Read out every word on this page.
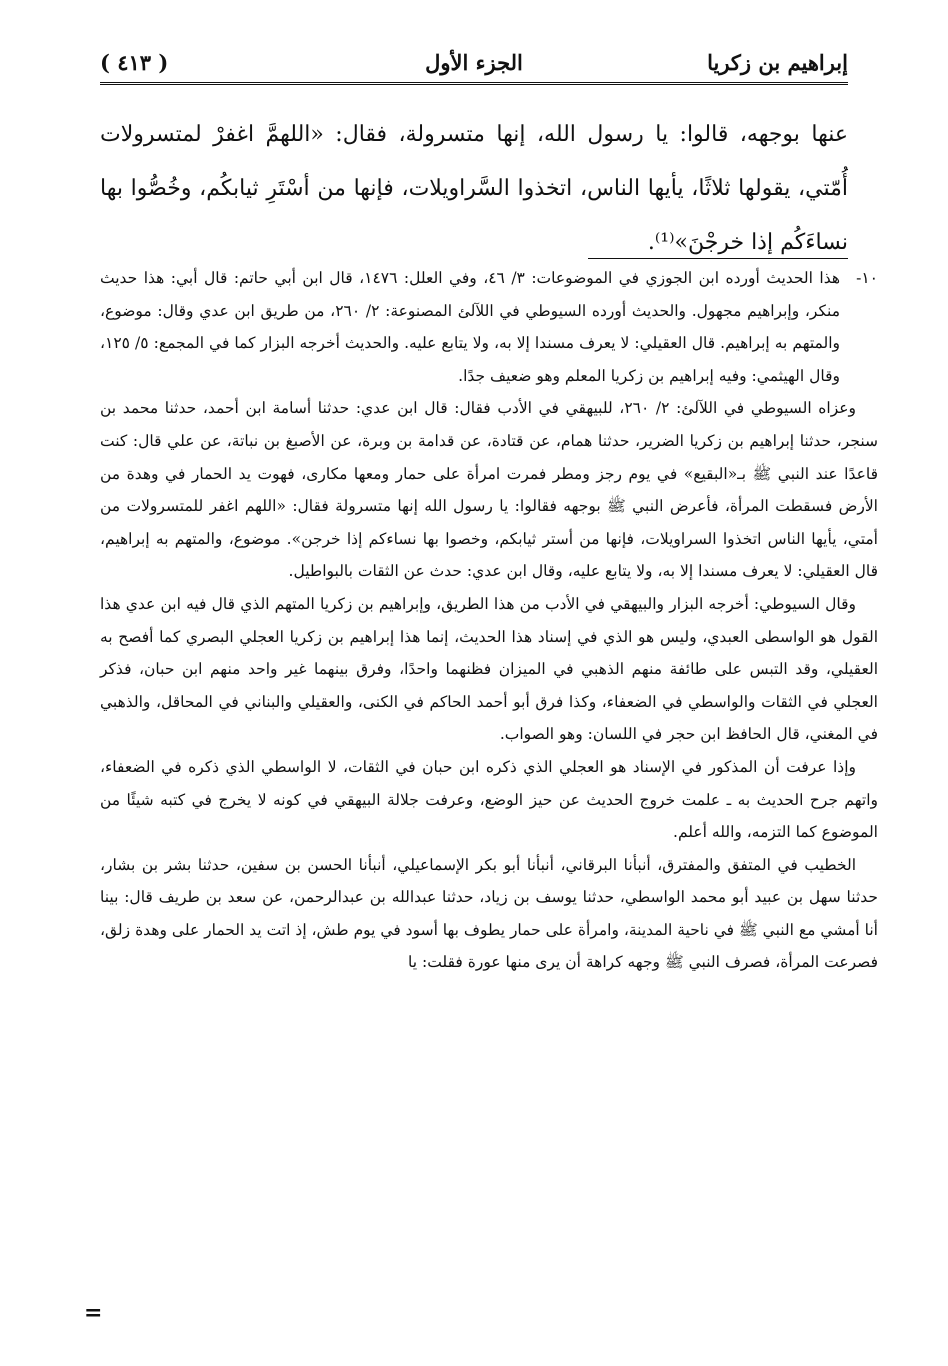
إبراهيم بن زكريا
الجزء الأول
( ٤١٣ )
عنها بوجهه، قالوا: يا رسول الله، إنها متسرولة، فقال: «اللهمَّ اغفرْ لمتسرولات أُمّتي، يقولها ثلاثًا، يأيها الناس، اتخذوا السَّراويلات، فإنها من أسْتَرِ ثيابكُم، وخُصُّوا بها نساءَكُم إذا خرجْنَ»⁽¹⁾.

١٠-
هذا الحديث أورده ابن الجوزي في الموضوعات: ٣/ ٤٦، وفي العلل: ١٤٧٦، قال ابن أبي حاتم: قال أبي: هذا حديث منكر، وإبراهيم مجهول. والحديث أورده السيوطي في اللآلئ المصنوعة: ٢/ ٢٦٠، من طريق ابن عدي وقال: موضوع، والمتهم به إبراهيم. قال العقيلي: لا يعرف مسندا إلا به، ولا يتابع عليه. والحديث أخرجه البزار كما في المجمع: ٥/ ١٢٥، وقال الهيثمي: وفيه إبراهيم بن زكريا المعلم وهو ضعيف جدًا.

وعزاه السيوطي في اللآلئ: ٢/ ٢٦٠، للبيهقي في الأدب فقال: قال ابن عدي: حدثنا أسامة ابن أحمد، حدثنا محمد بن سنجر، حدثنا إبراهيم بن زكريا الضرير، حدثنا همام، عن قتادة، عن قدامة بن وبرة، عن الأصبغ بن نباتة، عن علي قال: كنت قاعدًا عند النبي ﷺ بـ«البقيع» في يوم رجز ومطر فمرت امرأة على حمار ومعها مكارى، فهوت يد الحمار في وهدة من الأرض فسقطت المرأة، فأعرض النبي ﷺ بوجهه فقالوا: يا رسول الله إنها متسرولة فقال: «اللهم اغفر للمتسرولات من أمتي، يأيها الناس اتخذوا السراويلات، فإنها من أستر ثيابكم، وخصوا بها نساءكم إذا خرجن». موضوع، والمتهم به إبراهيم، قال العقيلي: لا يعرف مسندا إلا به، ولا يتابع عليه، وقال ابن عدي: حدث عن الثقات بالبواطيل.

وقال السيوطي: أخرجه البزار والبيهقي في الأدب من هذا الطريق، وإبراهيم بن زكريا المتهم الذي قال فيه ابن عدي هذا القول هو الواسطى العبدي، وليس هو الذي في إسناد هذا الحديث، إنما هذا إبراهيم بن زكريا العجلي البصري كما أفصح به العقيلي، وقد التبس على طائفة منهم الذهبي في الميزان فظنهما واحدًا، وفرق بينهما غير واحد منهم ابن حبان، فذكر العجلي في الثقات والواسطي في الضعفاء، وكذا فرق أبو أحمد الحاكم في الكنى، والعقيلي والبناني في المحاقل، والذهبي في المغني، قال الحافظ ابن حجر في اللسان: وهو الصواب.

وإذا عرفت أن المذكور في الإسناد هو العجلي الذي ذكره ابن حبان في الثقات، لا الواسطي الذي ذكره في الضعفاء، واتهم جرح الحديث به ـ علمت خروج الحديث عن حيز الوضع، وعرفت جلالة البيهقي في كونه لا يخرج في كتبه شيئًا من الموضوع كما التزمه، والله أعلم.

الخطيب في المتفق والمفترق، أنبأنا البرقاني، أنبأنا أبو بكر الإسماعيلي، أنبأنا الحسن بن سفين، حدثنا بشر بن بشار، حدثنا سهل بن عبيد أبو محمد الواسطي، حدثنا يوسف بن زياد، حدثنا عبدالله بن عبدالرحمن، عن سعد بن طريف قال: بينا أنا أمشي مع النبي ﷺ في ناحية المدينة، وامرأة على حمار يطوف بها أسود في يوم طش، إذ اتت يد الحمار على وهدة زلق، فصرعت المرأة، فصرف النبي ﷺ وجهه كراهة أن يرى منها عورة فقلت: يا

=
